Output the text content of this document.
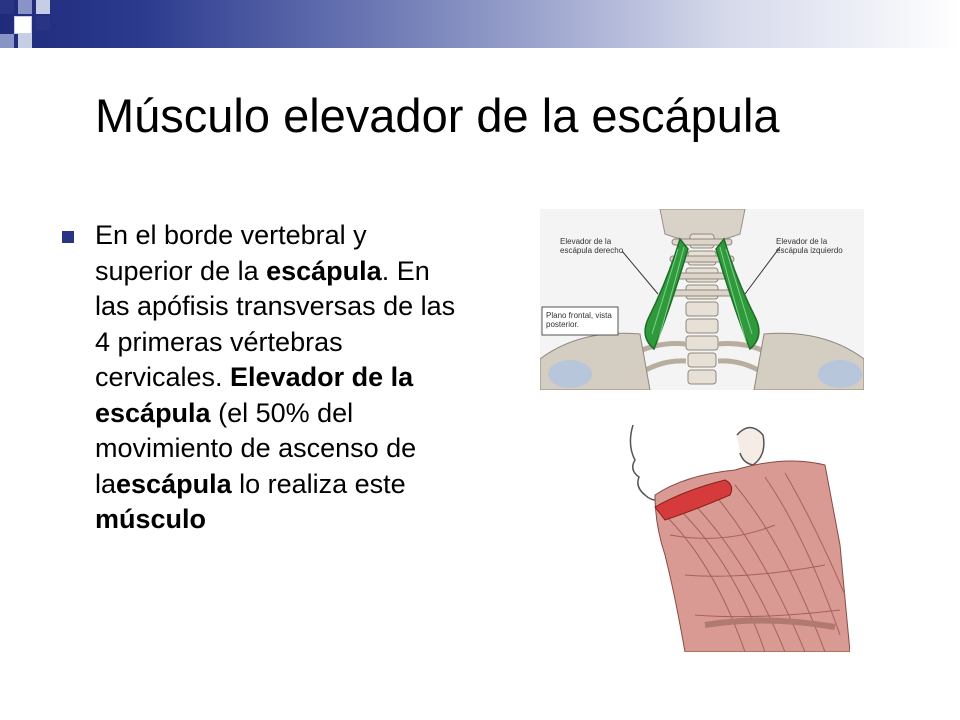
Músculo elevador de la escápula
En el borde vertebral y superior de la escápula. En las apófisis transversas de las 4 primeras vértebras cervicales. Elevador de la escápula (el 50% del movimiento de ascenso de laescápula lo realiza este músculo
Elevador de la escápula derecho
Elevador de la escápula izquierdo
Plano frontal, vista posterior.
